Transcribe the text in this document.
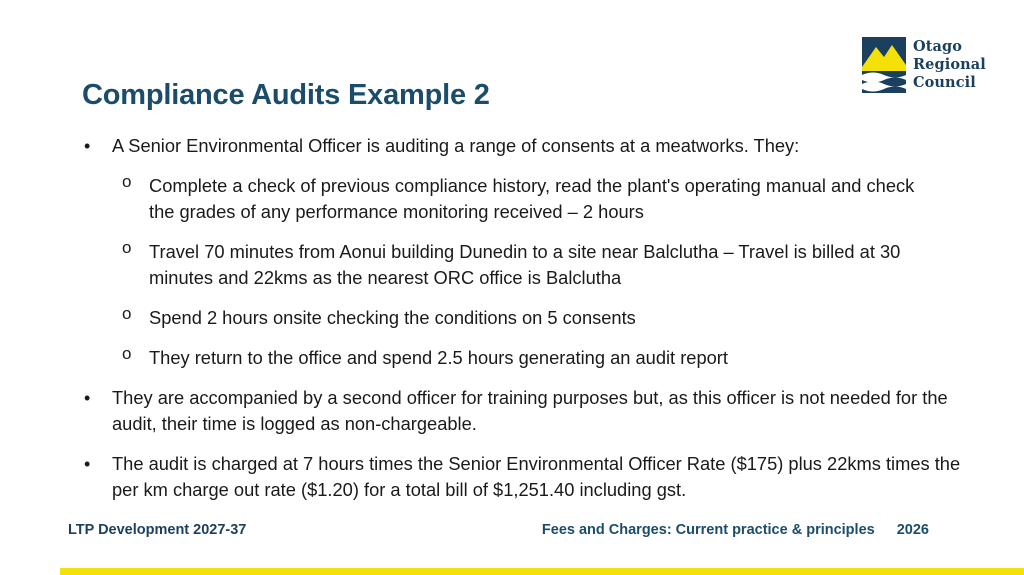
Otago
Regional
Council
Compliance Audits Example 2
• A Senior Environmental Officer is auditing a range of consents at a meatworks. They:
o Complete a check of previous compliance history, read the plant's operating manual and check the grades of any performance monitoring received – 2 hours
o Travel 70 minutes from Aonui building Dunedin to a site near Balclutha – Travel is billed at 30 minutes and 22kms as the nearest ORC office is Balclutha
o Spend 2 hours onsite checking the conditions on 5 consents
o They return to the office and spend 2.5 hours generating an audit report
• They are accompanied by a second officer for training purposes but, as this officer is not needed for the audit, their time is logged as non-chargeable.
• The audit is charged at 7 hours times the Senior Environmental Officer Rate ($175) plus 22kms times the per km charge out rate ($1.20) for a total bill of $1,251.40 including gst.
LTP Development 2027-37	Fees and Charges: Current practice & principles 2026
